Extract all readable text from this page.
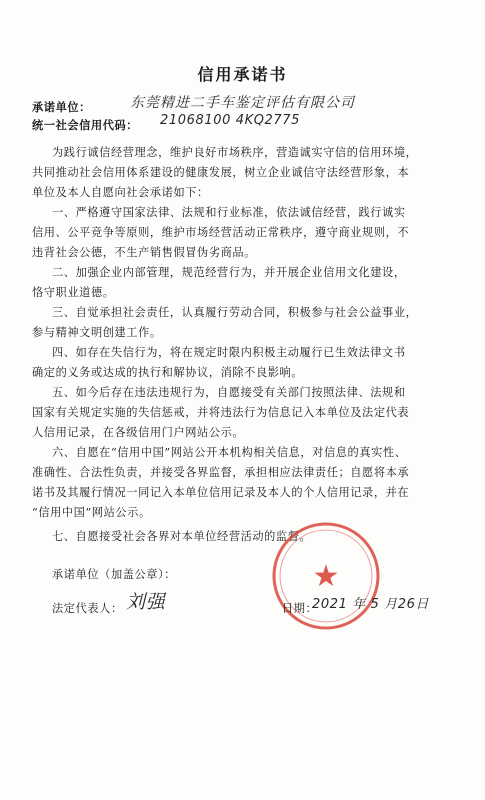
信用承诺书
承诺单位：	东莞精进二手车鉴定评估有限公司
统一社会信用代码： 21068100 4KQ2775
为践行诚信经营理念，维护良好市场秩序，营造诚实守信的信用环境，
共同推动社会信用体系建设的健康发展，树立企业诚信守法经营形象，本
单位及本人自愿向社会承诺如下：
一、严格遵守国家法律、法规和行业标准，依法诚信经营，践行诚实
信用、公平竞争等原则，维护市场经营活动正常秩序，遵守商业规则，不
违背社会公德，不生产销售假冒伪劣商品。
二、加强企业内部管理，规范经营行为，并开展企业信用文化建设，
恪守职业道德。
三、自觉承担社会责任，认真履行劳动合同，积极参与社会公益事业，
参与精神文明创建工作。
四、如存在失信行为，将在规定时限内积极主动履行已生效法律文书
确定的义务或达成的执行和解协议，消除不良影响。
五、如今后存在违法违规行为，自愿接受有关部门按照法律、法规和
国家有关规定实施的失信惩戒，并将违法行为信息记入本单位及法定代表
人信用记录，在各级信用门户网站公示。
六、自愿在“信用中国”网站公开本机构相关信息，对信息的真实性、
准确性、合法性负责，并接受各界监督，承担相应法律责任；自愿将本承
诺书及其履行情况一同记入本单位信用记录及本人的个人信用记录，并在
“信用中国”网站公示。
七、自愿接受社会各界对本单位经营活动的监督。
★
承诺单位（加盖公章）：
法定代表人： 刘强	日期：
2021 年 5 月26日
